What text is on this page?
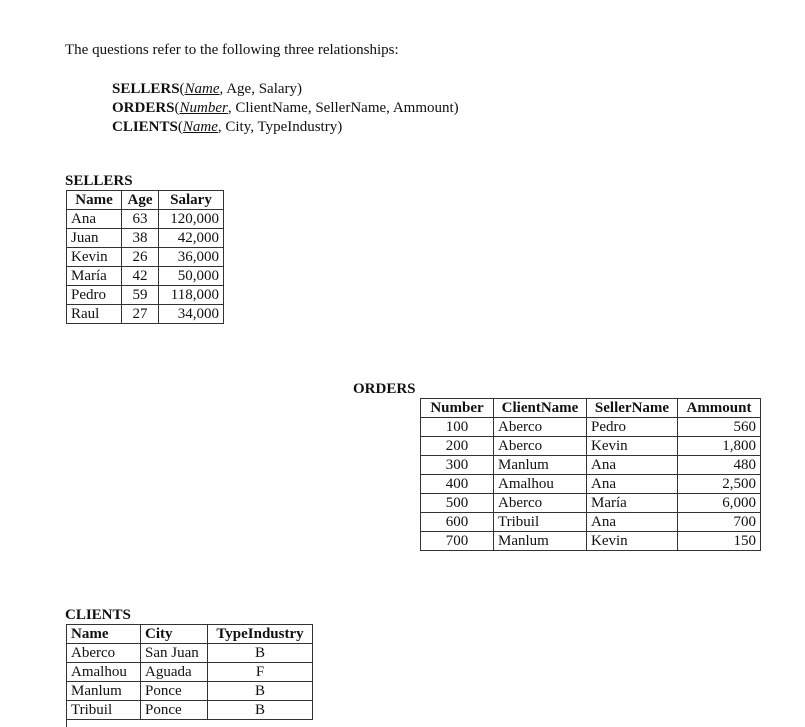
The questions refer to the following three relationships:

SELLERS(Name, Age, Salary)
ORDERS(Number, ClientName, SellerName, Ammount)
CLIENTS(Name, City, TypeIndustry)

SELLERS

Name	Age	Salary
Ana	63	120,000
Juan	38	42,000
Kevin	26	36,000
María	42	50,000
Pedro	59	118,000
Raul	27	34,000

ORDERS

Number	ClientName	SellerName	Ammount
100	Aberco	Pedro	560
200	Aberco	Kevin	1,800
300	Manlum	Ana	480
400	Amalhou	Ana	2,500
500	Aberco	María	6,000
600	Tribuil	Ana	700
700	Manlum	Kevin	150

CLIENTS

Name	City	TypeIndustry
Aberco	San Juan	B
Amalhou	Aguada	F
Manlum	Ponce	B
Tribuil	Ponce	B
